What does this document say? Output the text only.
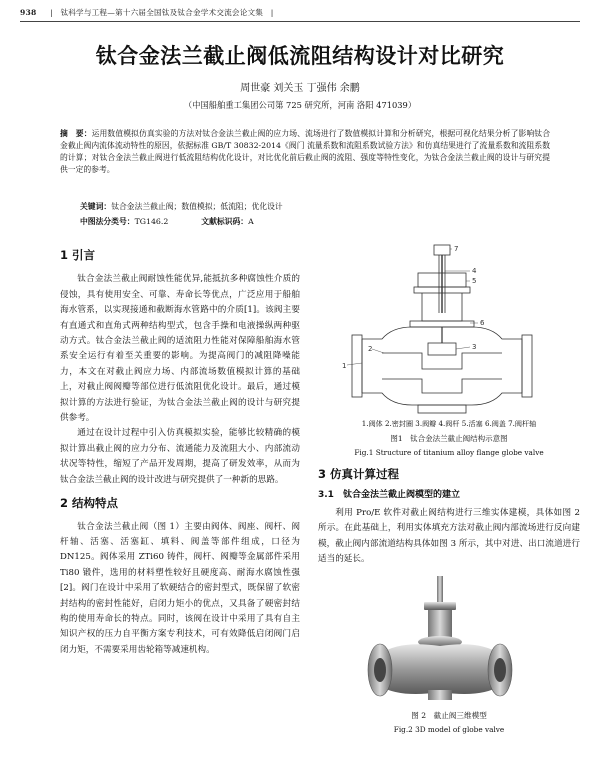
938 | 钛科学与工程—第十六届全国钛及钛合金学术交流会论文集 |
钛合金法兰截止阀低流阻结构设计对比研究
周世豪 刘关玉 丁强伟 余鹏
（中国船舶重工集团公司第 725 研究所，河南 洛阳 471039）
摘　要：运用数值模拟仿真实验的方法对钛合金法兰截止阀的应力场、流场进行了数值模拟计算和分析研究，根据可视化结果分析了影响钛合金截止阀内流体流动特性的原因，依据标准 GB/T 30832-2014《阀门 流量系数和流阻系数试验方法》和仿真结果进行了流量系数和流阻系数的计算；对钛合金法兰截止阀进行低流阻结构优化设计，对比优化前后截止阀的流阻、强度等特性变化，为钛合金法兰截止阀的设计与研究提供一定的参考。
关键词：钛合金法兰截止阀；数值模拟；低流阻；优化设计
中图法分类号：TG146.2	文献标识码：A
1 引言

钛合金法兰截止阀耐蚀性能优异,能抵抗多种腐蚀性介质的侵蚀，具有使用安全、可靠、寿命长等优点，广泛应用于船舶海水管系，以实现接通和截断海水管路中的介质[1]。该阀主要有直通式和直角式两种结构型式，包含手操和电液操纵两种驱动方式。钛合金法兰截止阀的适流阻力性能对保障船舶海水管系安全运行有着至关重要的影响。为提高阀门的减阻降噪能力，本文在对截止阀应力场、内部流场数值模拟计算的基础上，对截止阀阀瓣等部位进行低流阻优化设计。最后，通过模拟计算的方法进行验证，为钛合金法兰截止阀的设计与研究提供参考。

通过在设计过程中引入仿真模拟实验，能够比较精确的模拟计算出截止阀的应力分布、流通能力及流阻大小、内部流动状况等特性，缩短了产品开发周期，提高了研发效率，从而为钛合金法兰截止阀的设计改进与研究提供了一种新的思路。

2 结构特点

钛合金法兰截止阀（图 1）主要由阀体、阀座、阀杆、阀杆轴、活塞、活塞缸、填料、阀盖等部件组成，口径为 DN125。阀体采用 ZTi60 铸件，阀杆、阀瓣等金属部件采用 Ti80 锻件，选用的材料塑性较好且硬度高、耐海水腐蚀性强[2]。阀门在设计中采用了软硬结合的密封型式，既保留了软密封结构的密封性能好，启闭力矩小的优点，又具备了硬密封结构的使用寿命长的特点。同时，该阀在设计中采用了具有自主知识产权的压力自平衡方案专利技术，可有效降低启闭阀门启闭力矩，不需要采用齿轮箱等减速机构。

1
2	3
4
5
6
7
1.阀体 2.密封圈 3.阀瓣 4.阀杆 5.活塞 6.阀盖 7.阀杆轴
图1　钛合金法兰截止阀结构示意图
Fig.1 Structure of titanium alloy flange globe valve
3 仿真计算过程
3.1　钛合金法兰截止阀模型的建立

利用 Pro/E 软件对截止阀结构进行三维实体建模，具体如图 2 所示。在此基础上，利用实体填充方法对截止阀内部流场进行反向建模，截止阀内部流道结构具体如图 3 所示，其中对进、出口流道进行适当的延长。

图 2　截止阀三维模型
Fig.2 3D model of globe valve
